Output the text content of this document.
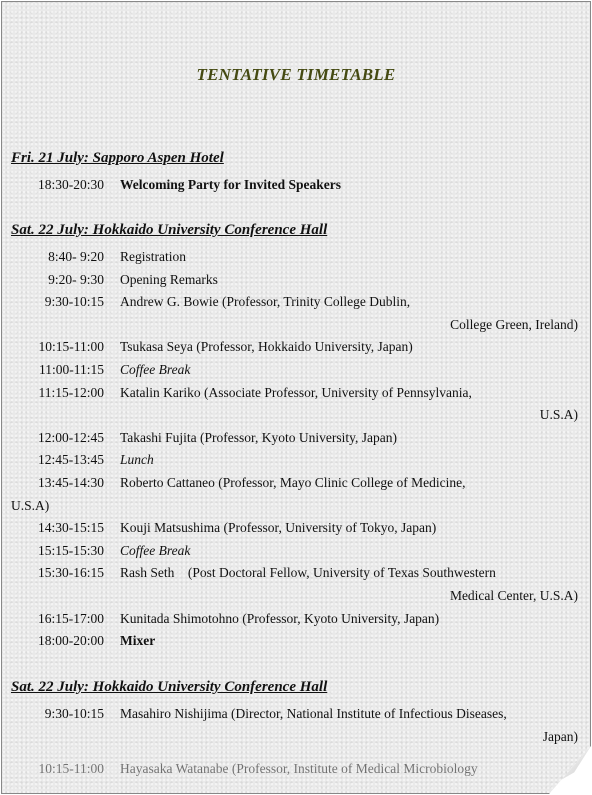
TENTATIVE TIMETABLE
Fri. 21 July: Sapporo Aspen Hotel
18:30-20:30 Welcoming Party for Invited Speakers
Sat. 22 July: Hokkaido University Conference Hall
8:40- 9:20 Registration
9:20- 9:30 Opening Remarks
9:30-10:15 Andrew G. Bowie (Professor, Trinity College Dublin,
College Green, Ireland)
10:15-11:00 Tsukasa Seya (Professor, Hokkaido University, Japan)
11:00-11:15 Coffee Break
11:15-12:00 Katalin Kariko (Associate Professor, University of Pennsylvania,
U.S.A)
12:00-12:45 Takashi Fujita (Professor, Kyoto University, Japan)
12:45-13:45 Lunch
13:45-14:30 Roberto Cattaneo (Professor, Mayo Clinic College of Medicine,
U.S.A)
14:30-15:15 Kouji Matsushima (Professor, University of Tokyo, Japan)
15:15-15:30 Coffee Break
15:30-16:15 Rash Seth    (Post Doctoral Fellow, University of Texas Southwestern
Medical Center, U.S.A)
16:15-17:00 Kunitada Shimotohno (Professor, Kyoto University, Japan)
18:00-20:00 Mixer
Sat. 22 July: Hokkaido University Conference Hall
9:30-10:15 Masahiro Nishijima (Director, National Institute of Infectious Diseases,
Japan)
10:15-11:00 Hayasaka Watanabe (Professor, Institute of Medical Microbiology
